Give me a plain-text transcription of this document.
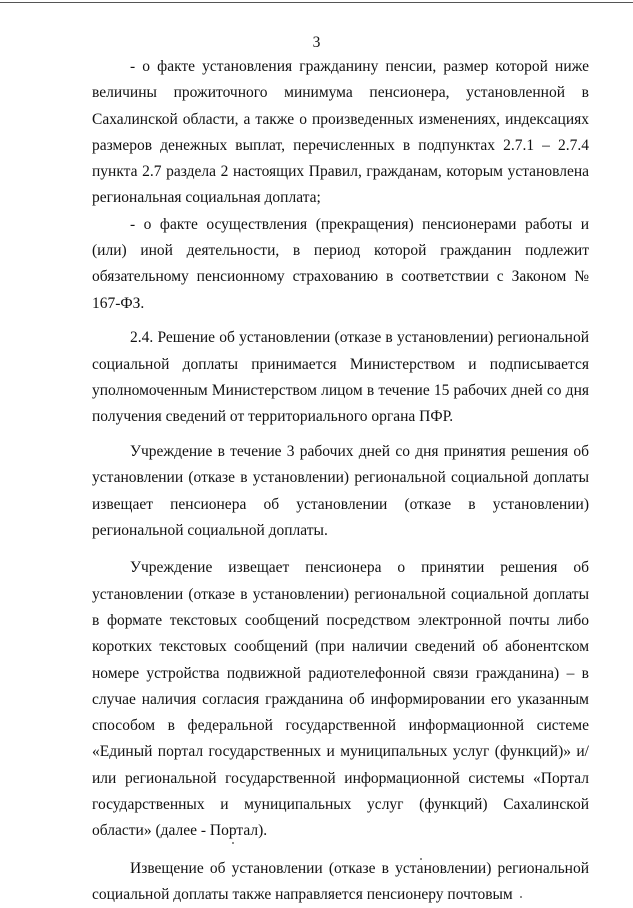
3

- о факте установления гражданину пенсии, размер которой ниже величины прожиточного минимума пенсионера, установленной в Сахалинской области, а также о произведенных изменениях, индексациях размеров денежных выплат, перечисленных в подпунктах 2.7.1 – 2.7.4 пункта 2.7 раздела 2 настоящих Правил, гражданам, которым установлена региональная социальная доплата;

- о факте осуществления (прекращения) пенсионерами работы и (или) иной деятельности, в период которой гражданин подлежит обязательному пенсионному страхованию в соответствии с Законом № 167-ФЗ.

2.4. Решение об установлении (отказе в установлении) региональной социальной доплаты принимается Министерством и подписывается уполномоченным Министерством лицом в течение 15 рабочих дней со дня получения сведений от территориального органа ПФР.

Учреждение в течение 3 рабочих дней со дня принятия решения об установлении (отказе в установлении) региональной социальной доплаты извещает пенсионера об установлении (отказе в установлении) региональной социальной доплаты.

Учреждение извещает пенсионера о принятии решения об установлении (отказе в установлении) региональной социальной доплаты в формате текстовых сообщений посредством электронной почты либо коротких текстовых сообщений (при наличии сведений об абонентском номере устройства подвижной радиотелефонной связи гражданина) – в случае наличия согласия гражданина об информировании его указанным способом в федеральной государственной информационной системе «Единый портал государственных и муниципальных услуг (функций)» и/или региональной государственной информационной системы «Портал государственных и муниципальных услуг (функций) Сахалинской области» (далее - Портал).

Извещение об установлении (отказе в установлении) региональной социальной доплаты также направляется пенсионеру почтовым
